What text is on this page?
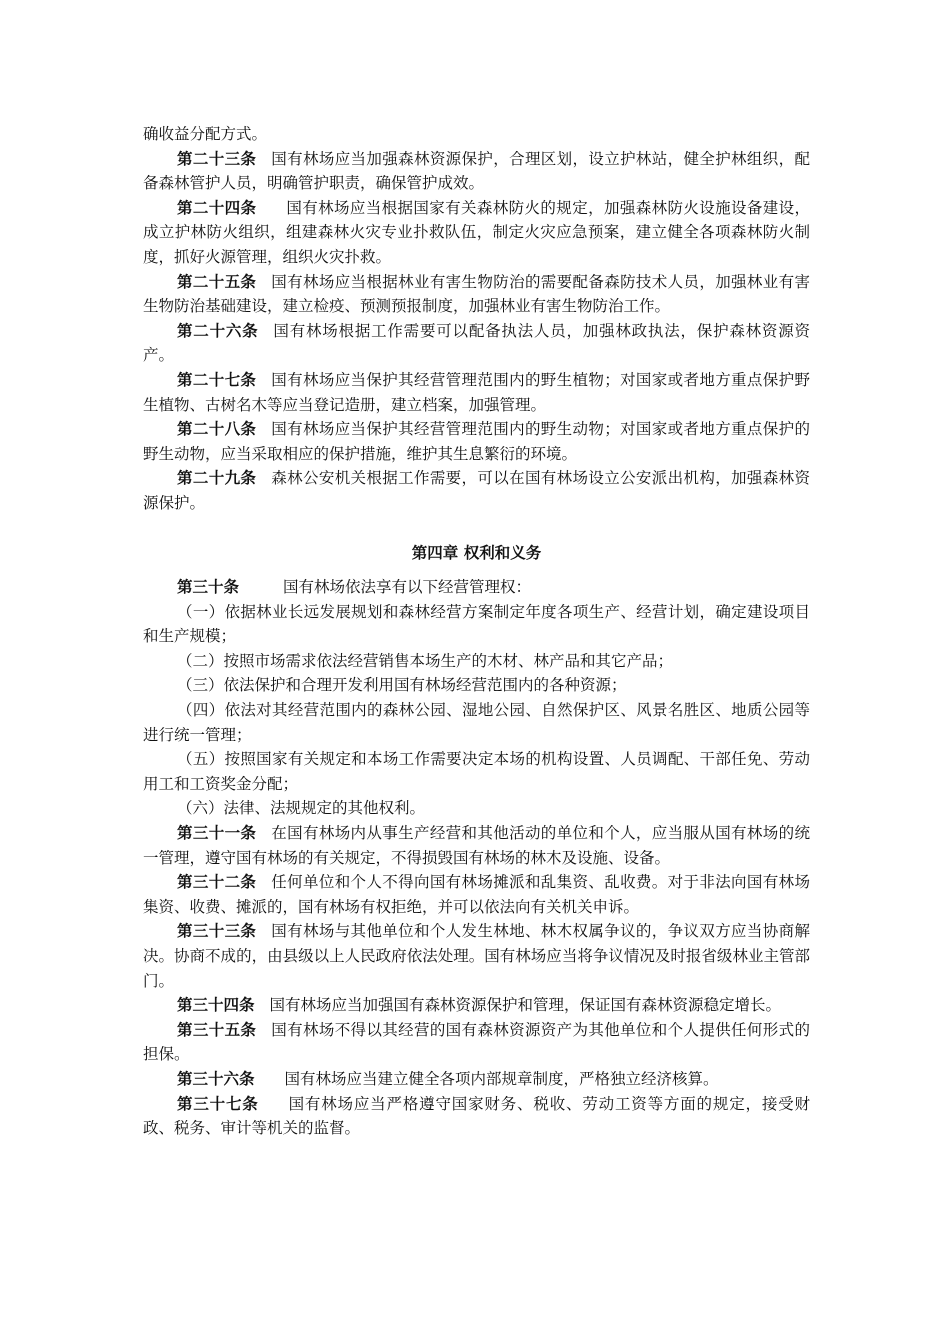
确收益分配方式。

第二十三条 国有林场应当加强森林资源保护，合理区划，设立护林站，健全护林组织，配备森林管护人员，明确管护职责，确保管护成效。

第二十四条 国有林场应当根据国家有关森林防火的规定，加强森林防火设施设备建设，成立护林防火组织，组建森林火灾专业扑救队伍，制定火灾应急预案，建立健全各项森林防火制度，抓好火源管理，组织火灾扑救。

第二十五条 国有林场应当根据林业有害生物防治的需要配备森防技术人员，加强林业有害生物防治基础建设，建立检疫、预测预报制度，加强林业有害生物防治工作。

第二十六条 国有林场根据工作需要可以配备执法人员，加强林政执法，保护森林资源资产。

第二十七条 国有林场应当保护其经营管理范围内的野生植物；对国家或者地方重点保护野生植物、古树名木等应当登记造册，建立档案，加强管理。

第二十八条 国有林场应当保护其经营管理范围内的野生动物；对国家或者地方重点保护的野生动物，应当采取相应的保护措施，维护其生息繁衍的环境。

第二十九条 森林公安机关根据工作需要，可以在国有林场设立公安派出机构，加强森林资源保护。

第四章 权利和义务

第三十条	国有林场依法享有以下经营管理权：

（一）依据林业长远发展规划和森林经营方案制定年度各项生产、经营计划，确定建设项目和生产规模；

（二）按照市场需求依法经营销售本场生产的木材、林产品和其它产品；

（三）依法保护和合理开发利用国有林场经营范围内的各种资源；

（四）依法对其经营范围内的森林公园、湿地公园、自然保护区、风景名胜区、地质公园等进行统一管理；

（五）按照国家有关规定和本场工作需要决定本场的机构设置、人员调配、干部任免、劳动用工和工资奖金分配；

（六）法律、法规规定的其他权利。

第三十一条 在国有林场内从事生产经营和其他活动的单位和个人，应当服从国有林场的统一管理，遵守国有林场的有关规定，不得损毁国有林场的林木及设施、设备。

第三十二条 任何单位和个人不得向国有林场摊派和乱集资、乱收费。对于非法向国有林场集资、收费、摊派的，国有林场有权拒绝，并可以依法向有关机关申诉。

第三十三条 国有林场与其他单位和个人发生林地、林木权属争议的，争议双方应当协商解决。协商不成的，由县级以上人民政府依法处理。国有林场应当将争议情况及时报省级林业主管部门。

第三十四条 国有林场应当加强国有森林资源保护和管理，保证国有森林资源稳定增长。

第三十五条 国有林场不得以其经营的国有森林资源资产为其他单位和个人提供任何形式的担保。

第三十六条 国有林场应当建立健全各项内部规章制度，严格独立经济核算。

第三十七条 国有林场应当严格遵守国家财务、税收、劳动工资等方面的规定，接受财政、税务、审计等机关的监督。
